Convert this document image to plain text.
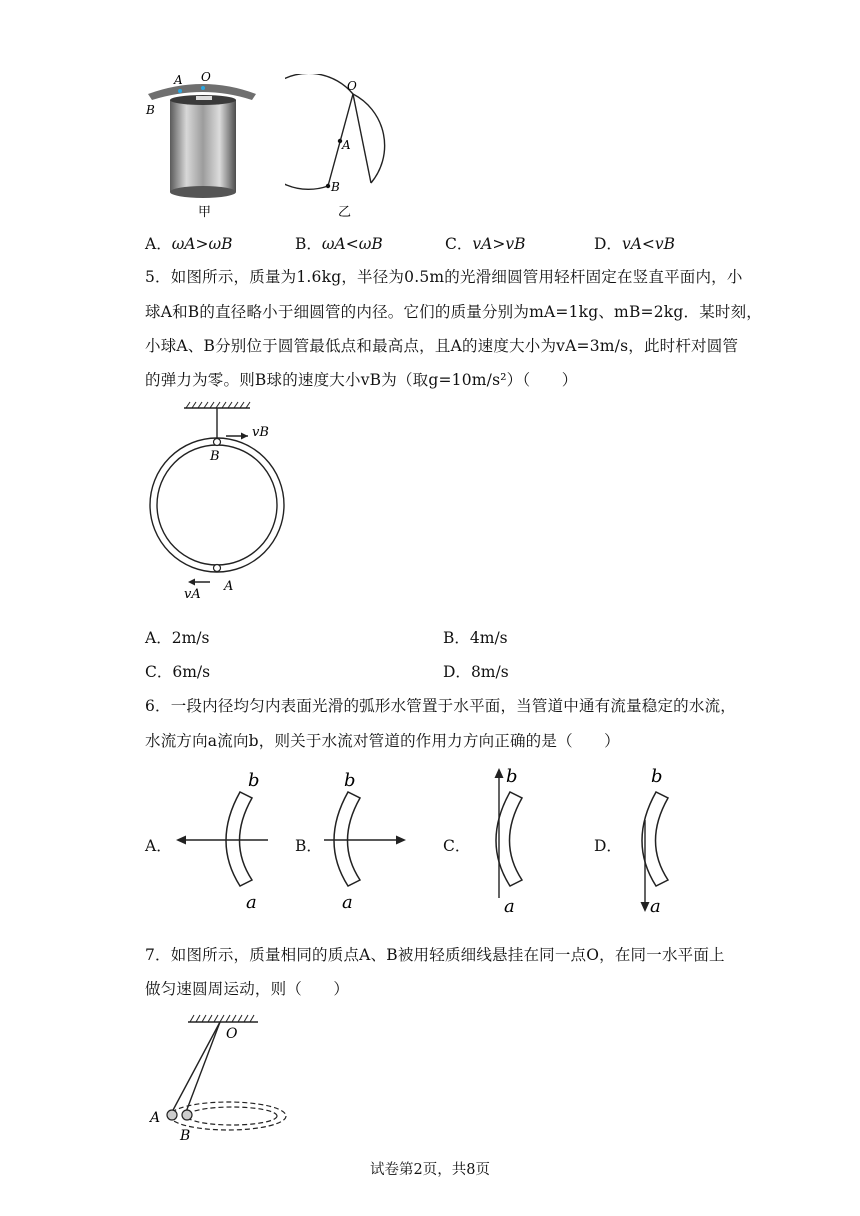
A O
B
甲
O
A
B
乙
A．ωA>ωB	B．ωA<ωB	C．vA>vB	D．vA<vB
5．如图所示，质量为1.6kg，半径为0.5m的光滑细圆管用轻杆固定在竖直平面内，小
球A和B的直径略小于细圆管的内径。它们的质量分别为mA=1kg、mB=2kg．某时刻，
小球A、B分别位于圆管最低点和最高点，且A的速度大小为vA=3m/s，此时杆对圆管
的弹力为零。则B球的速度大小vB为（取g=10m/s²）（　　）
vB
B
A
vA
A．2m/s	B．4m/s
C．6m/s	D．8m/s
6．一段内径均匀内表面光滑的弧形水管置于水平面，当管道中通有流量稳定的水流，
水流方向a流向b，则关于水流对管道的作用力方向正确的是（　　）
A．
b
a
B．
b
a
C．
b
a
D．
b
a
7．如图所示，质量相同的质点A、B被用轻质细线悬挂在同一点O，在同一水平面上
做匀速圆周运动，则（　　）
O
A
B
试卷第2页，共8页
